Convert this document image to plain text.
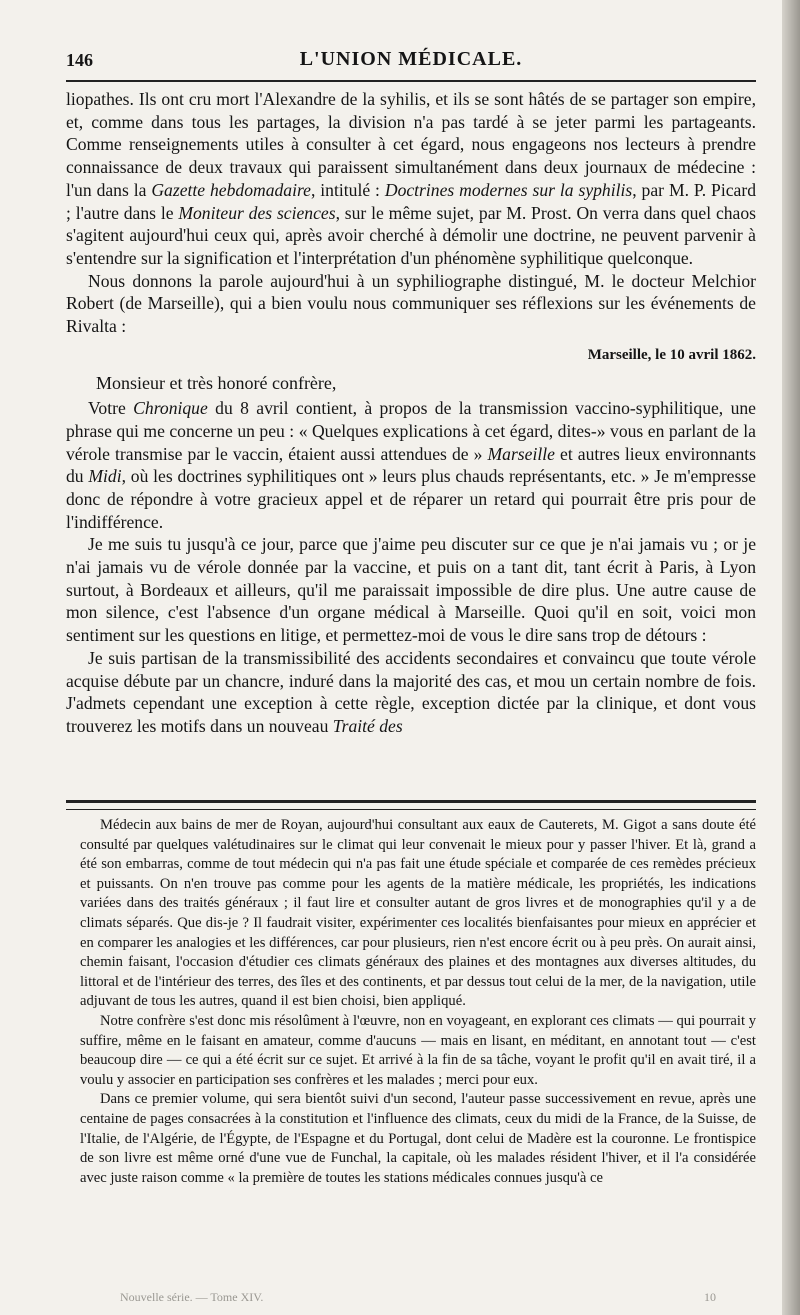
146	L'UNION MÉDICALE.

liopathes. Ils ont cru mort l'Alexandre de la syhilis, et ils se sont hâtés de se partager son empire, et, comme dans tous les partages, la division n'a pas tardé à se jeter parmi les partageants. Comme renseignements utiles à consulter à cet égard, nous engageons nos lecteurs à prendre connaissance de deux travaux qui paraissent simultanément dans deux journaux de médecine : l'un dans la Gazette hebdomadaire, intitulé : Doctrines modernes sur la syphilis, par M. P. Picard ; l'autre dans le Moniteur des sciences, sur le même sujet, par M. Prost. On verra dans quel chaos s'agitent aujourd'hui ceux qui, après avoir cherché à démolir une doctrine, ne peuvent parvenir à s'entendre sur la signification et l'interprétation d'un phénomène syphilitique quelconque.

Nous donnons la parole aujourd'hui à un syphiliographe distingué, M. le docteur Melchior Robert (de Marseille), qui a bien voulu nous communiquer ses réflexions sur les événements de Rivalta :

Marseille, le 10 avril 1862.
Monsieur et très honoré confrère,

Votre Chronique du 8 avril contient, à propos de la transmission vaccino-syphilitique, une phrase qui me concerne un peu : « Quelques explications à cet égard, dites-» vous en parlant de la vérole transmise par le vaccin, étaient aussi attendues de » Marseille et autres lieux environnants du Midi, où les doctrines syphilitiques ont » leurs plus chauds représentants, etc. » Je m'empresse donc de répondre à votre gracieux appel et de réparer un retard qui pourrait être pris pour de l'indifférence.

Je me suis tu jusqu'à ce jour, parce que j'aime peu discuter sur ce que je n'ai jamais vu ; or je n'ai jamais vu de vérole donnée par la vaccine, et puis on a tant dit, tant écrit à Paris, à Lyon surtout, à Bordeaux et ailleurs, qu'il me paraissait impossible de dire plus. Une autre cause de mon silence, c'est l'absence d'un organe médical à Marseille. Quoi qu'il en soit, voici mon sentiment sur les questions en litige, et permettez-moi de vous le dire sans trop de détours :

Je suis partisan de la transmissibilité des accidents secondaires et convaincu que toute vérole acquise débute par un chancre, induré dans la majorité des cas, et mou un certain nombre de fois. J'admets cependant une exception à cette règle, exception dictée par la clinique, et dont vous trouverez les motifs dans un nouveau Traité des

Médecin aux bains de mer de Royan, aujourd'hui consultant aux eaux de Cauterets, M. Gigot a sans doute été consulté par quelques valétudinaires sur le climat qui leur convenait le mieux pour y passer l'hiver. Et là, grand a été son embarras, comme de tout médecin qui n'a pas fait une étude spéciale et comparée de ces remèdes précieux et puissants. On n'en trouve pas comme pour les agents de la matière médicale, les propriétés, les indications variées dans des traités généraux ; il faut lire et consulter autant de gros livres et de monographies qu'il y a de climats séparés. Que dis-je ? Il faudrait visiter, expérimenter ces localités bienfaisantes pour mieux en apprécier et en comparer les analogies et les différences, car pour plusieurs, rien n'est encore écrit ou à peu près. On aurait ainsi, chemin faisant, l'occasion d'étudier ces climats généraux des plaines et des montagnes aux diverses altitudes, du littoral et de l'intérieur des terres, des îles et des continents, et par dessus tout celui de la mer, de la navigation, utile adjuvant de tous les autres, quand il est bien choisi, bien appliqué.

Notre confrère s'est donc mis résolûment à l'œuvre, non en voyageant, en explorant ces climats — qui pourrait y suffire, même en le faisant en amateur, comme d'aucuns — mais en lisant, en méditant, en annotant tout — c'est beaucoup dire — ce qui a été écrit sur ce sujet. Et arrivé à la fin de sa tâche, voyant le profit qu'il en avait tiré, il a voulu y associer en participation ses confrères et les malades ; merci pour eux.

Dans ce premier volume, qui sera bientôt suivi d'un second, l'auteur passe successivement en revue, après une centaine de pages consacrées à la constitution et l'influence des climats, ceux du midi de la France, de la Suisse, de l'Italie, de l'Algérie, de l'Égypte, de l'Espagne et du Portugal, dont celui de Madère est la couronne. Le frontispice de son livre est même orné d'une vue de Funchal, la capitale, où les malades résident l'hiver, et il l'a considérée avec juste raison comme « la première de toutes les stations médicales connues jusqu'à ce

Nouvelle série. — Tome XIV.	10
